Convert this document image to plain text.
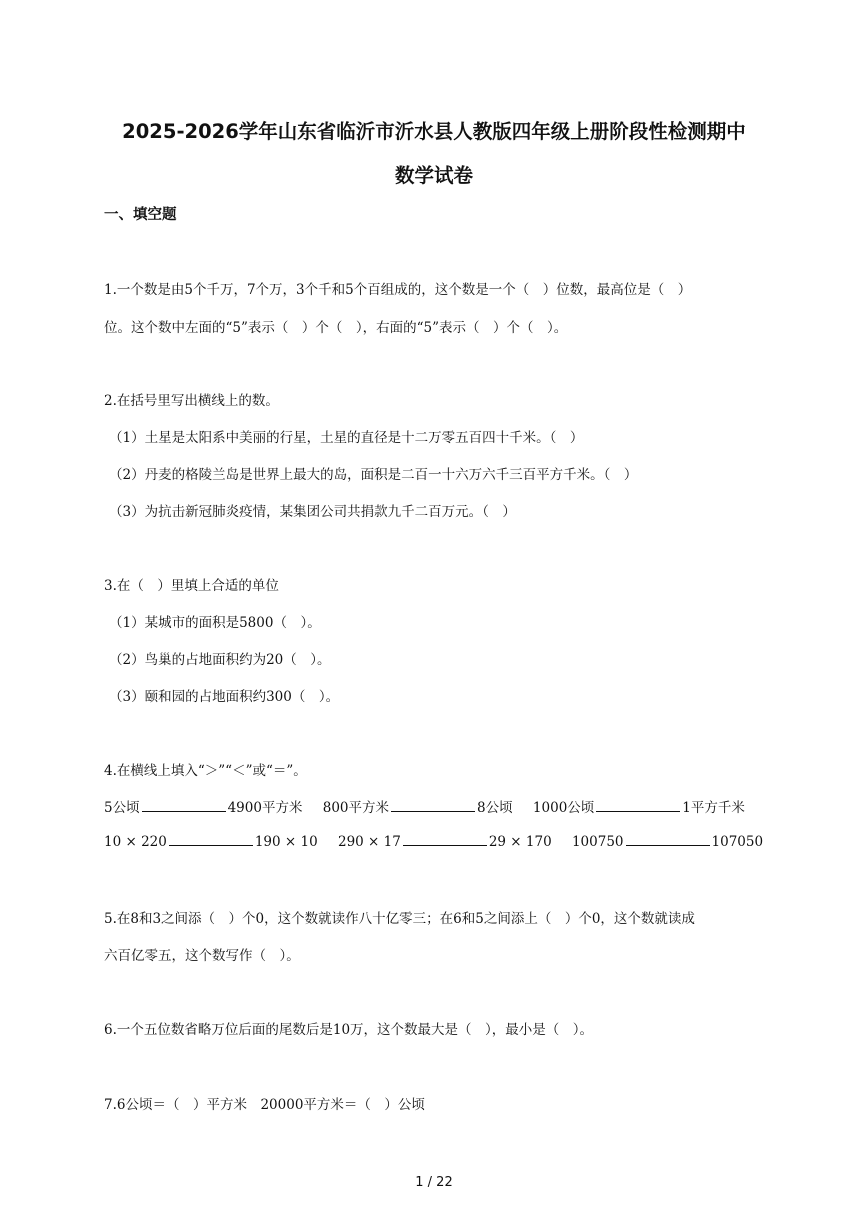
2025-2026学年山东省临沂市沂水县人教版四年级上册阶段性检测期中
数学试卷
一、填空题
1.一个数是由5个千万，7个万，3个千和5个百组成的，这个数是一个（　）位数，最高位是（　）
位。这个数中左面的“5”表示（　）个（　），右面的“5”表示（　）个（　）。
2.在括号里写出横线上的数。
（1）土星是太阳系中美丽的行星，土星的直径是十二万零五百四十千米。（　）
（2）丹麦的格陵兰岛是世界上最大的岛，面积是二百一十六万六千三百平方千米。（　）
（3）为抗击新冠肺炎疫情，某集团公司共捐款九千二百万元。（　）
3.在（　）里填上合适的单位
（1）某城市的面积是5800（　）。
（2）鸟巢的占地面积约为20（　）。
（3）颐和园的占地面积约300（　）。
4.在横线上填入“＞”“＜”或“＝”。
5公顷	4900平方米 800平方米	8公顷 1000公顷	1平方千米
10 × 220	190 × 10 290 × 17	29 × 170 100750	107050
5.在8和3之间添（　）个0，这个数就读作八十亿零三；在6和5之间添上（　）个0，这个数就读成
六百亿零五，这个数写作（　）。
6.一个五位数省略万位后面的尾数后是10万，这个数最大是（　），最小是（　）。
7.6公顷＝（　）平方米　20000平方米＝（　）公顷
1 / 22
